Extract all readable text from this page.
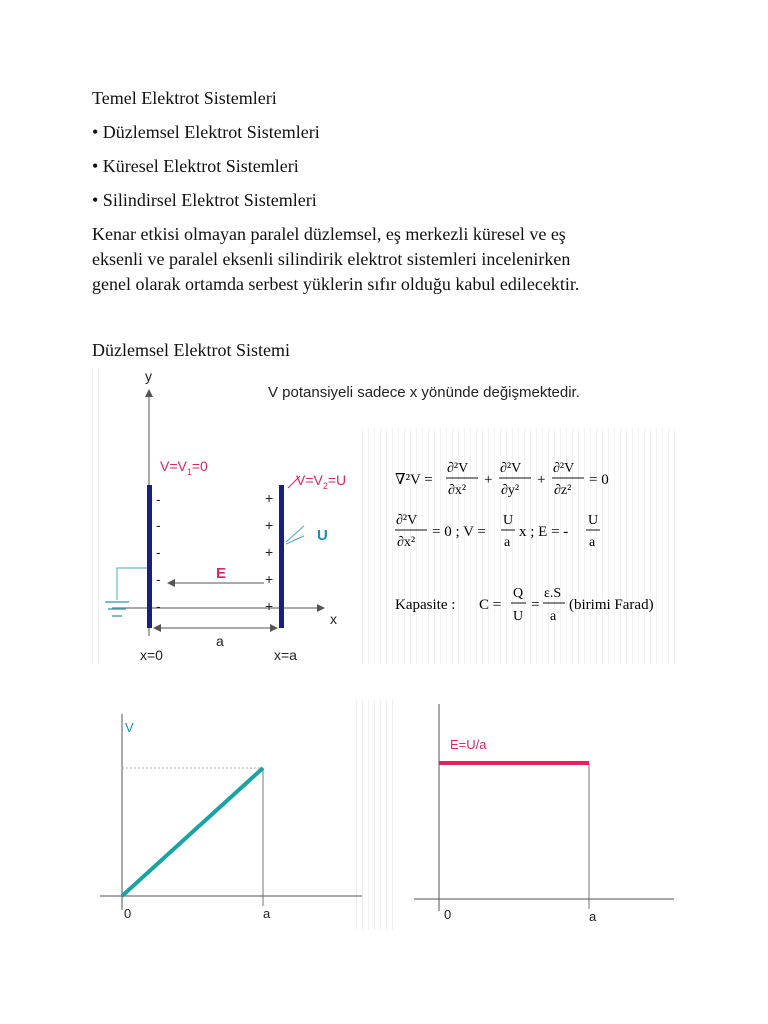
Temel Elektrot Sistemleri
• Düzlemsel Elektrot Sistemleri
• Küresel Elektrot Sistemleri
• Silindirsel Elektrot Sistemleri
Kenar etkisi olmayan paralel düzlemsel, eş merkezli küresel ve eş
eksenli ve paralel eksenli silindirik elektrot sistemleri incelenirken
genel olarak ortamda serbest yüklerin sıfır olduğu kabul edilecektir.
Düzlemsel Elektrot Sistemi
V potansiyeli sadece x yönünde değişmektedir.
y
x
$V=V_1=0$
$V=V_2=U$
-
-
-
-
-
+
+
+
+
+
U
E
a
x=0	x=a
∇²V =
∂²V
∂x²
+
∂²V
∂y²
+
∂²V
∂z²
= 0
∂²V
∂x²
= 0 ; V =
U
a
x ; E = -
U
a
Kapasite : C =
Q
U
=
ε.S
a
(birimi Farad)
V
0	a
E=U/a
0	a
